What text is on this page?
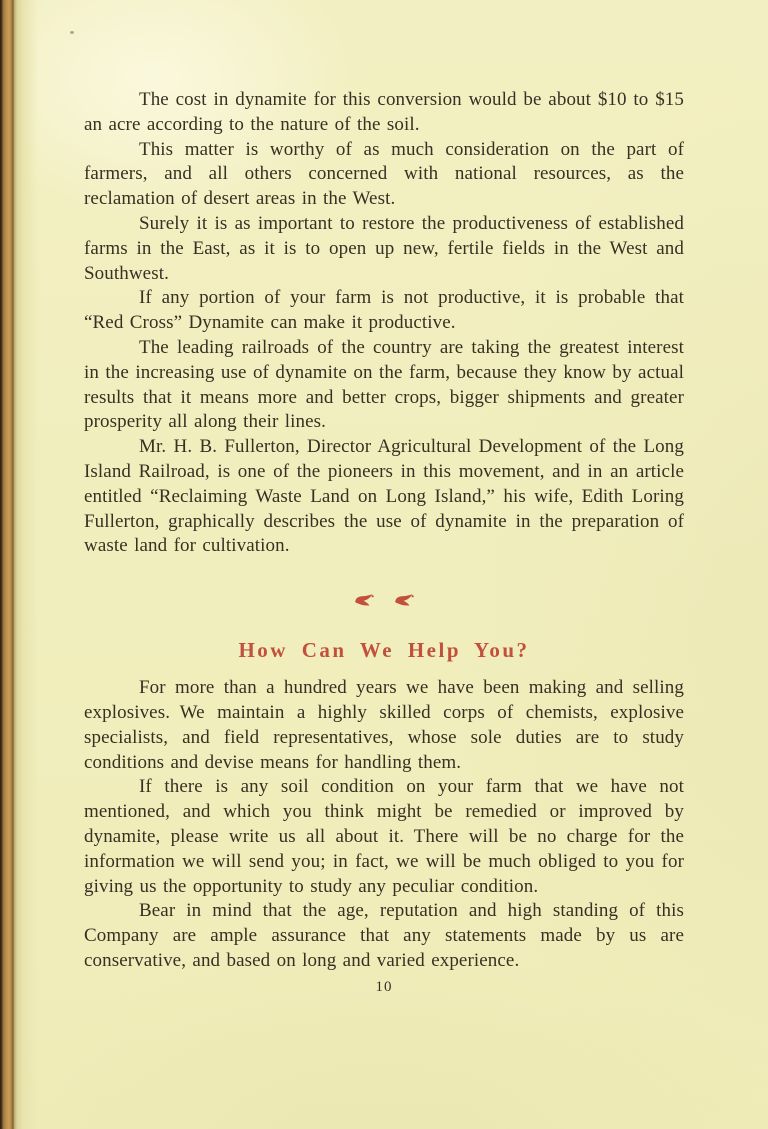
The cost in dynamite for this conversion would be about $10 to $15 an acre according to the nature of the soil.

This matter is worthy of as much consideration on the part of farmers, and all others concerned with national resources, as the reclamation of desert areas in the West.

Surely it is as important to restore the productiveness of established farms in the East, as it is to open up new, fertile fields in the West and Southwest.

If any portion of your farm is not productive, it is probable that “Red Cross” Dynamite can make it productive.

The leading railroads of the country are taking the greatest interest in the increasing use of dynamite on the farm, because they know by actual results that it means more and better crops, bigger shipments and greater prosperity all along their lines.

Mr. H. B. Fullerton, Director Agricultural Development of the Long Island Railroad, is one of the pioneers in this movement, and in an article entitled “Reclaiming Waste Land on Long Island,” his wife, Edith Loring Fullerton, graphically describes the use of dynamite in the preparation of waste land for cultivation.

How Can We Help You?

For more than a hundred years we have been making and selling explosives. We maintain a highly skilled corps of chemists, explosive specialists, and field representatives, whose sole duties are to study conditions and devise means for handling them.

If there is any soil condition on your farm that we have not mentioned, and which you think might be remedied or improved by dynamite, please write us all about it. There will be no charge for the information we will send you; in fact, we will be much obliged to you for giving us the opportunity to study any peculiar condition.

Bear in mind that the age, reputation and high standing of this Company are ample assurance that any statements made by us are conservative, and based on long and varied experience.

10
